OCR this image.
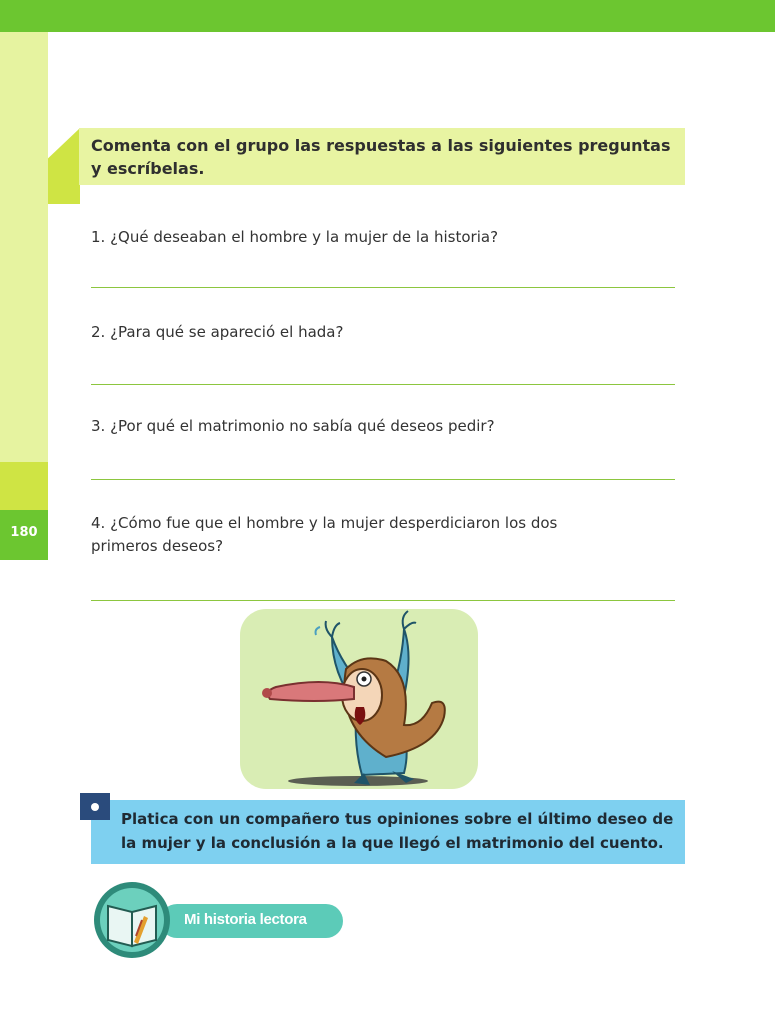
180
Comenta con el grupo las respuestas a las siguientes preguntas y escríbelas.
1. ¿Qué deseaban el hombre y la mujer de la historia?
2. ¿Para qué se apareció el hada?
3. ¿Por qué el matrimonio no sabía qué deseos pedir?
4. ¿Cómo fue que el hombre y la mujer desperdiciaron los dos primeros deseos?
Platica con un compañero tus opiniones sobre el último deseo de la mujer y la conclusión a la que llegó el matrimonio del cuento.
Mi historia lectora
